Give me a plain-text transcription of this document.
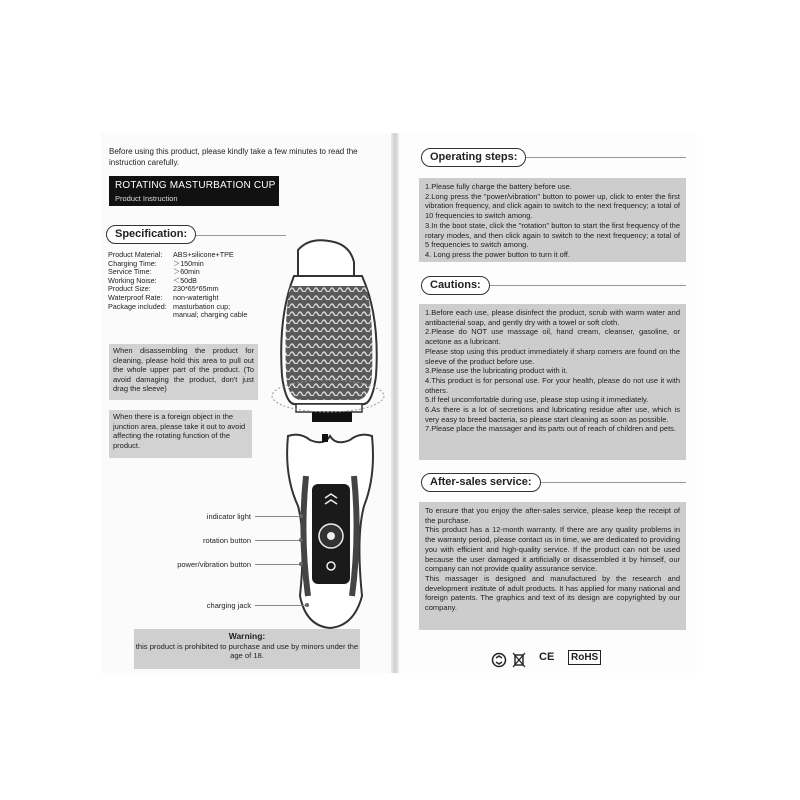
Before using this product, please kindly take a few minutes to read the instruction carefully.
ROTATING MASTURBATION CUP
Product Instruction
Specification:
Product Material: ABS+silicone+TPE
Charging Time: ＞150min
Service Time:	＞60min
Working Noise: ＜50dB
Product Size:	230*65*65mm
Waterproof Rate: non-watertight
Package included: masturbation cup;
manual; charging cable
When disassembling the product for cleaning, please hold this area to pull out the whole upper part of the product. (To avoid damaging the product, don't just drag the sleeve)
When there is a foreign object in the junction area, please take it out to avoid affecting the rotating function of the product.
indicator light
rotation button
power/vibration button
charging jack
Warning:
this product is prohibited to purchase and use by minors under the age of 18.
Operating steps:
1.Please fully charge the battery before use.
2.Long press the "power/vibration" button to power up, click to enter the first vibration frequency, and click again to switch to the next frequency; a total of 10 frequencies to switch among.
3.In the boot state, click the "rotation" button to start the first frequency of the rotary modes, and then click again to switch to the next frequency; a total of 5 frequencies to switch among.
4. Long press the power button to turn it off.
Cautions:
1.Before each use, please disinfect the product, scrub with warm water and antibacterial soap, and gently dry with a towel or soft cloth.
2.Please do NOT use massage oil, hand cream, cleanser, gasoline, or acetone as a lubricant.
Please stop using this product immediately if sharp corners are found on the sleeve of the product before use.
3.Please use the lubricating product with it.
4.This product is for personal use. For your health, please do not use it with others.
5.If feel uncomfortable during use, please stop using it immediately.
6.As there is a lot of secretions and lubricating residue after use, which is very easy to breed bacteria, so please start cleaning as soon as possible.
7.Please place the massager and its parts out of reach of children and pets.
After-sales service:
To ensure that you enjoy the after-sales service, please keep the receipt of the purchase.
This product has a 12-month warranty. If there are any quality problems in the warranty period, please contact us in time, we are dedicated to providing you with efficient and high-quality service. If the product can not be used because the user damaged it artificially or disassembled it by himself, our company can not provide quality assurance service.
This massager is designed and manufactured by the research and development institute of adult products. It has applied for many national and foreign patents. The graphics and text of its design are copyrighted by our company.
CE	RoHS
